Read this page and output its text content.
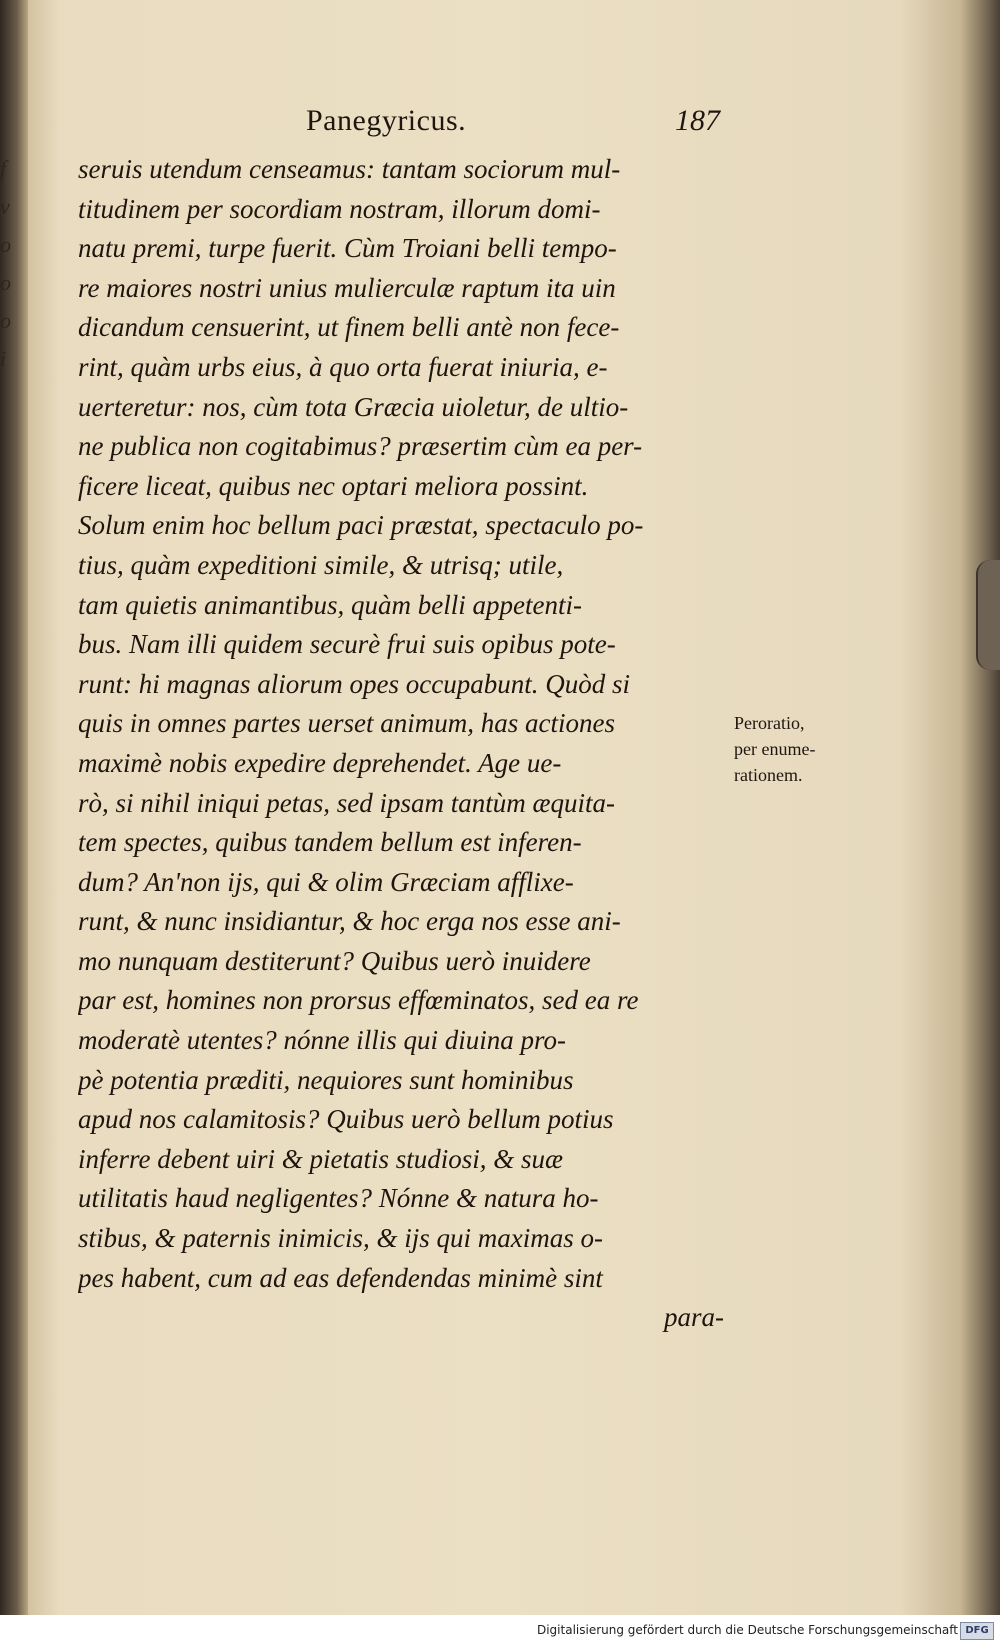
f
v
o
o
o
i
Panegyricus.	187
seruis utendum censeamus: tantam sociorum mul-
titudinem per socordiam nostram, illorum domi-
natu premi, turpe fuerit. Cùm Troiani belli tempo-
re maiores nostri unius mulierculæ raptum ita uin
dicandum censuerint, ut finem belli antè non fece-
rint, quàm urbs eius, à quo orta fuerat iniuria, e-
uerteretur: nos, cùm tota Græcia uioletur, de ultio-
ne publica non cogitabimus? præsertim cùm ea per-
ficere liceat, quibus nec optari meliora possint.
Solum enim hoc bellum paci præstat, spectaculo po-
tius, quàm expeditioni simile, & utrisq; utile,
tam quietis animantibus, quàm belli appetenti-
bus. Nam illi quidem securè frui suis opibus pote-
runt: hi magnas aliorum opes occupabunt. Quòd si
quis in omnes partes uerset animum, has actiones
maximè nobis expedire deprehendet. Age ue-
rò, si nihil iniqui petas, sed ipsam tantùm æquita-
tem spectes, quibus tandem bellum est inferen-
dum? An'non ijs, qui & olim Græciam afflixe-
runt, & nunc insidiantur, & hoc erga nos esse ani-
mo nunquam destiterunt? Quibus uerò inuidere
par est, homines non prorsus effœminatos, sed ea re
moderatè utentes? nónne illis qui diuina pro-
pè potentia præditi, nequiores sunt hominibus
apud nos calamitosis? Quibus uerò bellum potius
inferre debent uiri & pietatis studiosi, & suæ
utilitatis haud negligentes? Nónne & natura ho-
stibus, & paternis inimicis, & ijs qui maximas o-
pes habent, cum ad eas defendendas minimè sint
para-
Peroratio,
per enume-
rationem.
Digitalisierung gefördert durch die Deutsche Forschungsgemeinschaft DFG
